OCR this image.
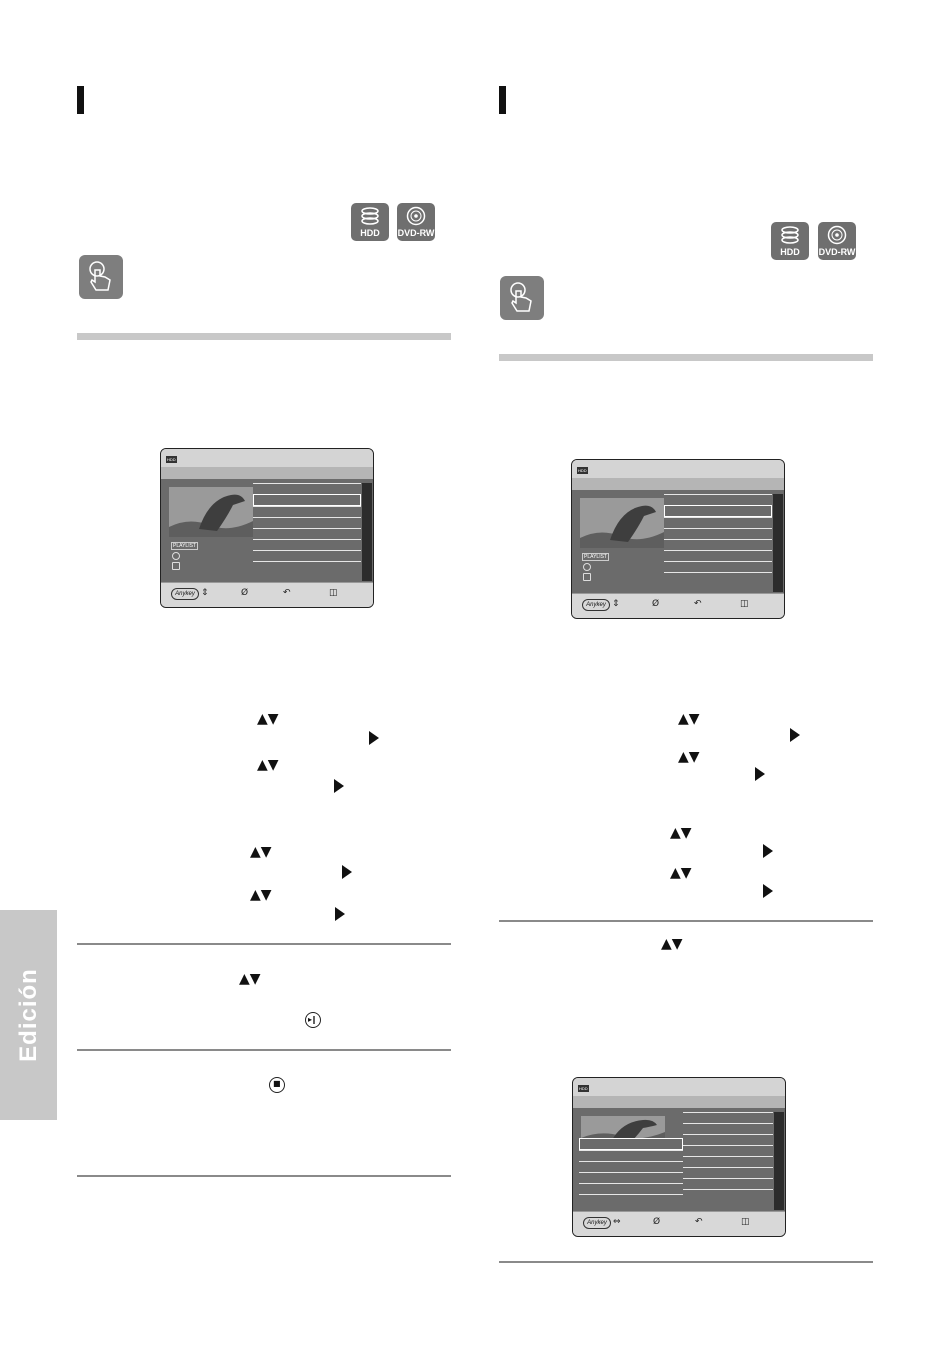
HDD	DVD-RW
HDD
PLAYLIST
Anykey ⇕	Ø	↶	◫
▲▼
▲▼
▲▼
▲▼
▲▼
▸‖
■
Edición
HDD	DVD-RW
HDD
PLAYLIST
Anykey ⇕	Ø	↶	◫
▲▼
▲▼
▲▼
▲▼
▲▼
HDD
Anykey ⇔	Ø	↶	◫
